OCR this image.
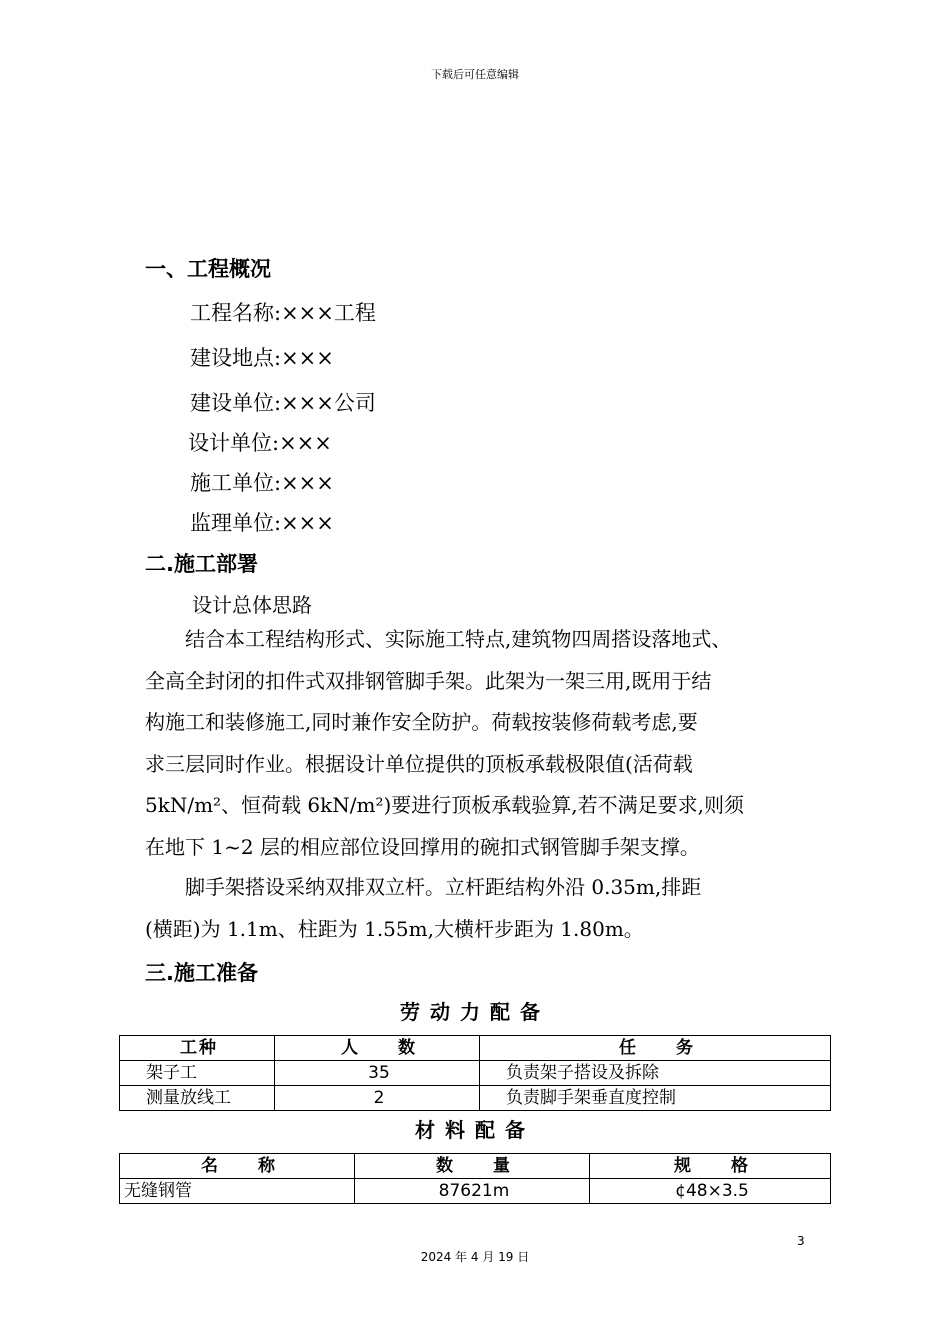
下载后可任意编辑
一、工程概况
工程名称:×××工程
建设地点:×××
建设单位:×××公司
设计单位:×××
施工单位:×××
监理单位:×××
二.施工部署
设计总体思路
　　结合本工程结构形式、实际施工特点,建筑物四周搭设落地式、
全高全封闭的扣件式双排钢管脚手架。此架为一架三用,既用于结
构施工和装修施工,同时兼作安全防护。荷载按装修荷载考虑,要
求三层同时作业。根据设计单位提供的顶板承载极限值(活荷载
5kN/m²、恒荷载 6kN/m²)要进行顶板承载验算,若不满足要求,则须
在地下 1~2 层的相应部位设回撑用的碗扣式钢管脚手架支撑。
　　脚手架搭设采纳双排双立杆。立杆距结构外沿 0.35m,排距
(横距)为 1.1m、柱距为 1.55m,大横杆步距为 1.80m。
三.施工准备
劳动力配备
工种	人　　数	任　　务
架子工	35	负责架子搭设及拆除
测量放线工	2	负责脚手架垂直度控制
材料配备
名　　称	数　　量	规　　格
无缝钢管	87621m	¢48×3.5
3
2024 年 4 月 19 日
